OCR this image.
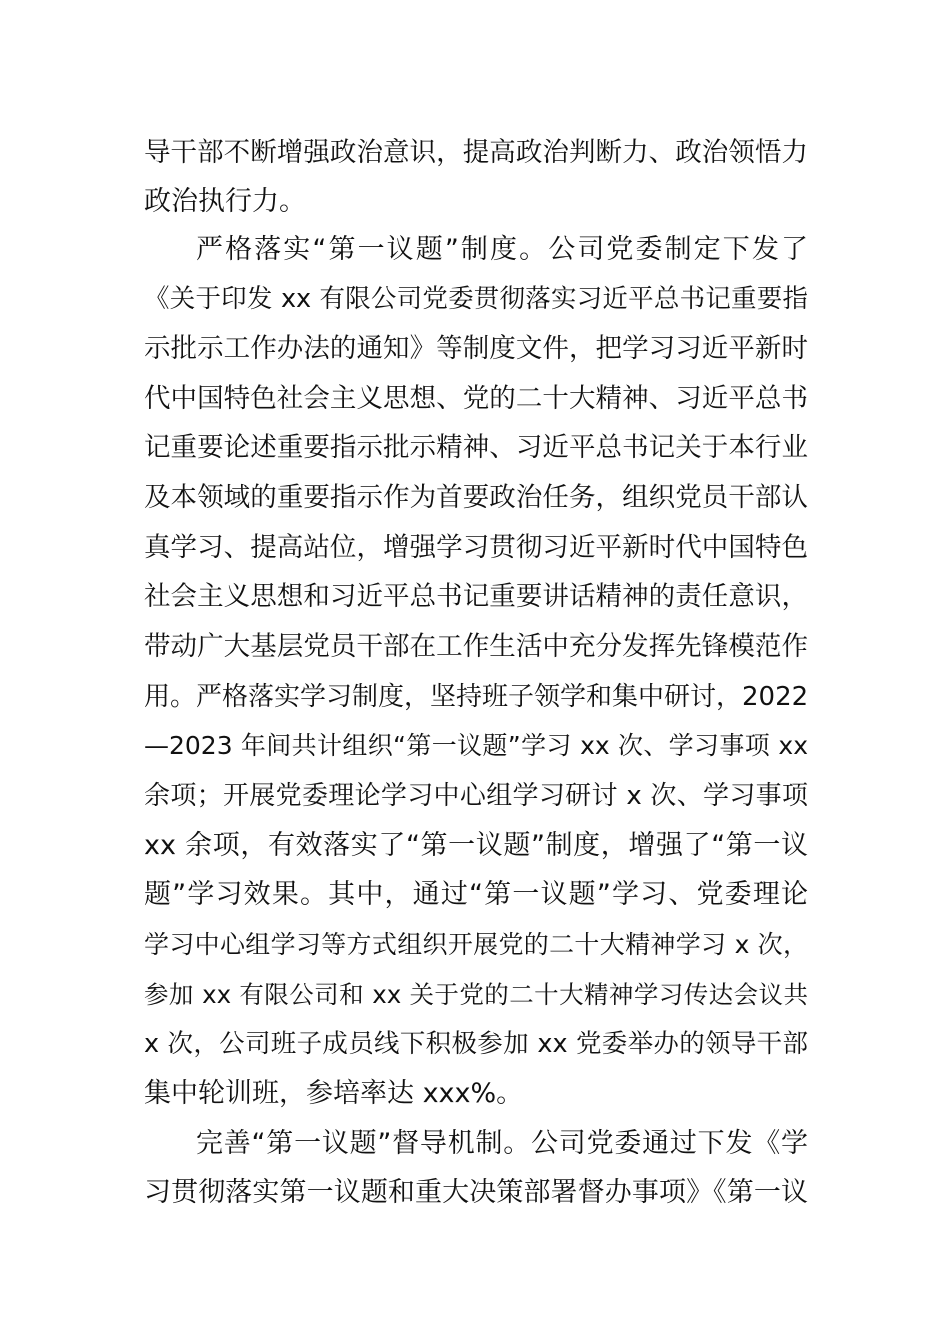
导干部不断增强政治意识，提高政治判断力、政治领悟力
政治执行力。
严格落实“第一议题”制度。公司党委制定下发了
《关于印发 xx 有限公司党委贯彻落实习近平总书记重要指
示批示工作办法的通知》等制度文件，把学习习近平新时
代中国特色社会主义思想、党的二十大精神、习近平总书
记重要论述重要指示批示精神、习近平总书记关于本行业
及本领域的重要指示作为首要政治任务，组织党员干部认
真学习、提高站位，增强学习贯彻习近平新时代中国特色
社会主义思想和习近平总书记重要讲话精神的责任意识，
带动广大基层党员干部在工作生活中充分发挥先锋模范作
用。严格落实学习制度，坚持班子领学和集中研讨，2022
—2023 年间共计组织“第一议题”学习 xx 次、学习事项 xx
余项；开展党委理论学习中心组学习研讨 x 次、学习事项
xx 余项，有效落实了“第一议题”制度，增强了“第一议
题”学习效果。其中，通过“第一议题”学习、党委理论
学习中心组学习等方式组织开展党的二十大精神学习 x 次，
参加 xx 有限公司和 xx 关于党的二十大精神学习传达会议共
x 次，公司班子成员线下积极参加 xx 党委举办的领导干部
集中轮训班，参培率达 xxx%。
完善“第一议题”督导机制。公司党委通过下发《学
习贯彻落实第一议题和重大决策部署督办事项》《第一议
